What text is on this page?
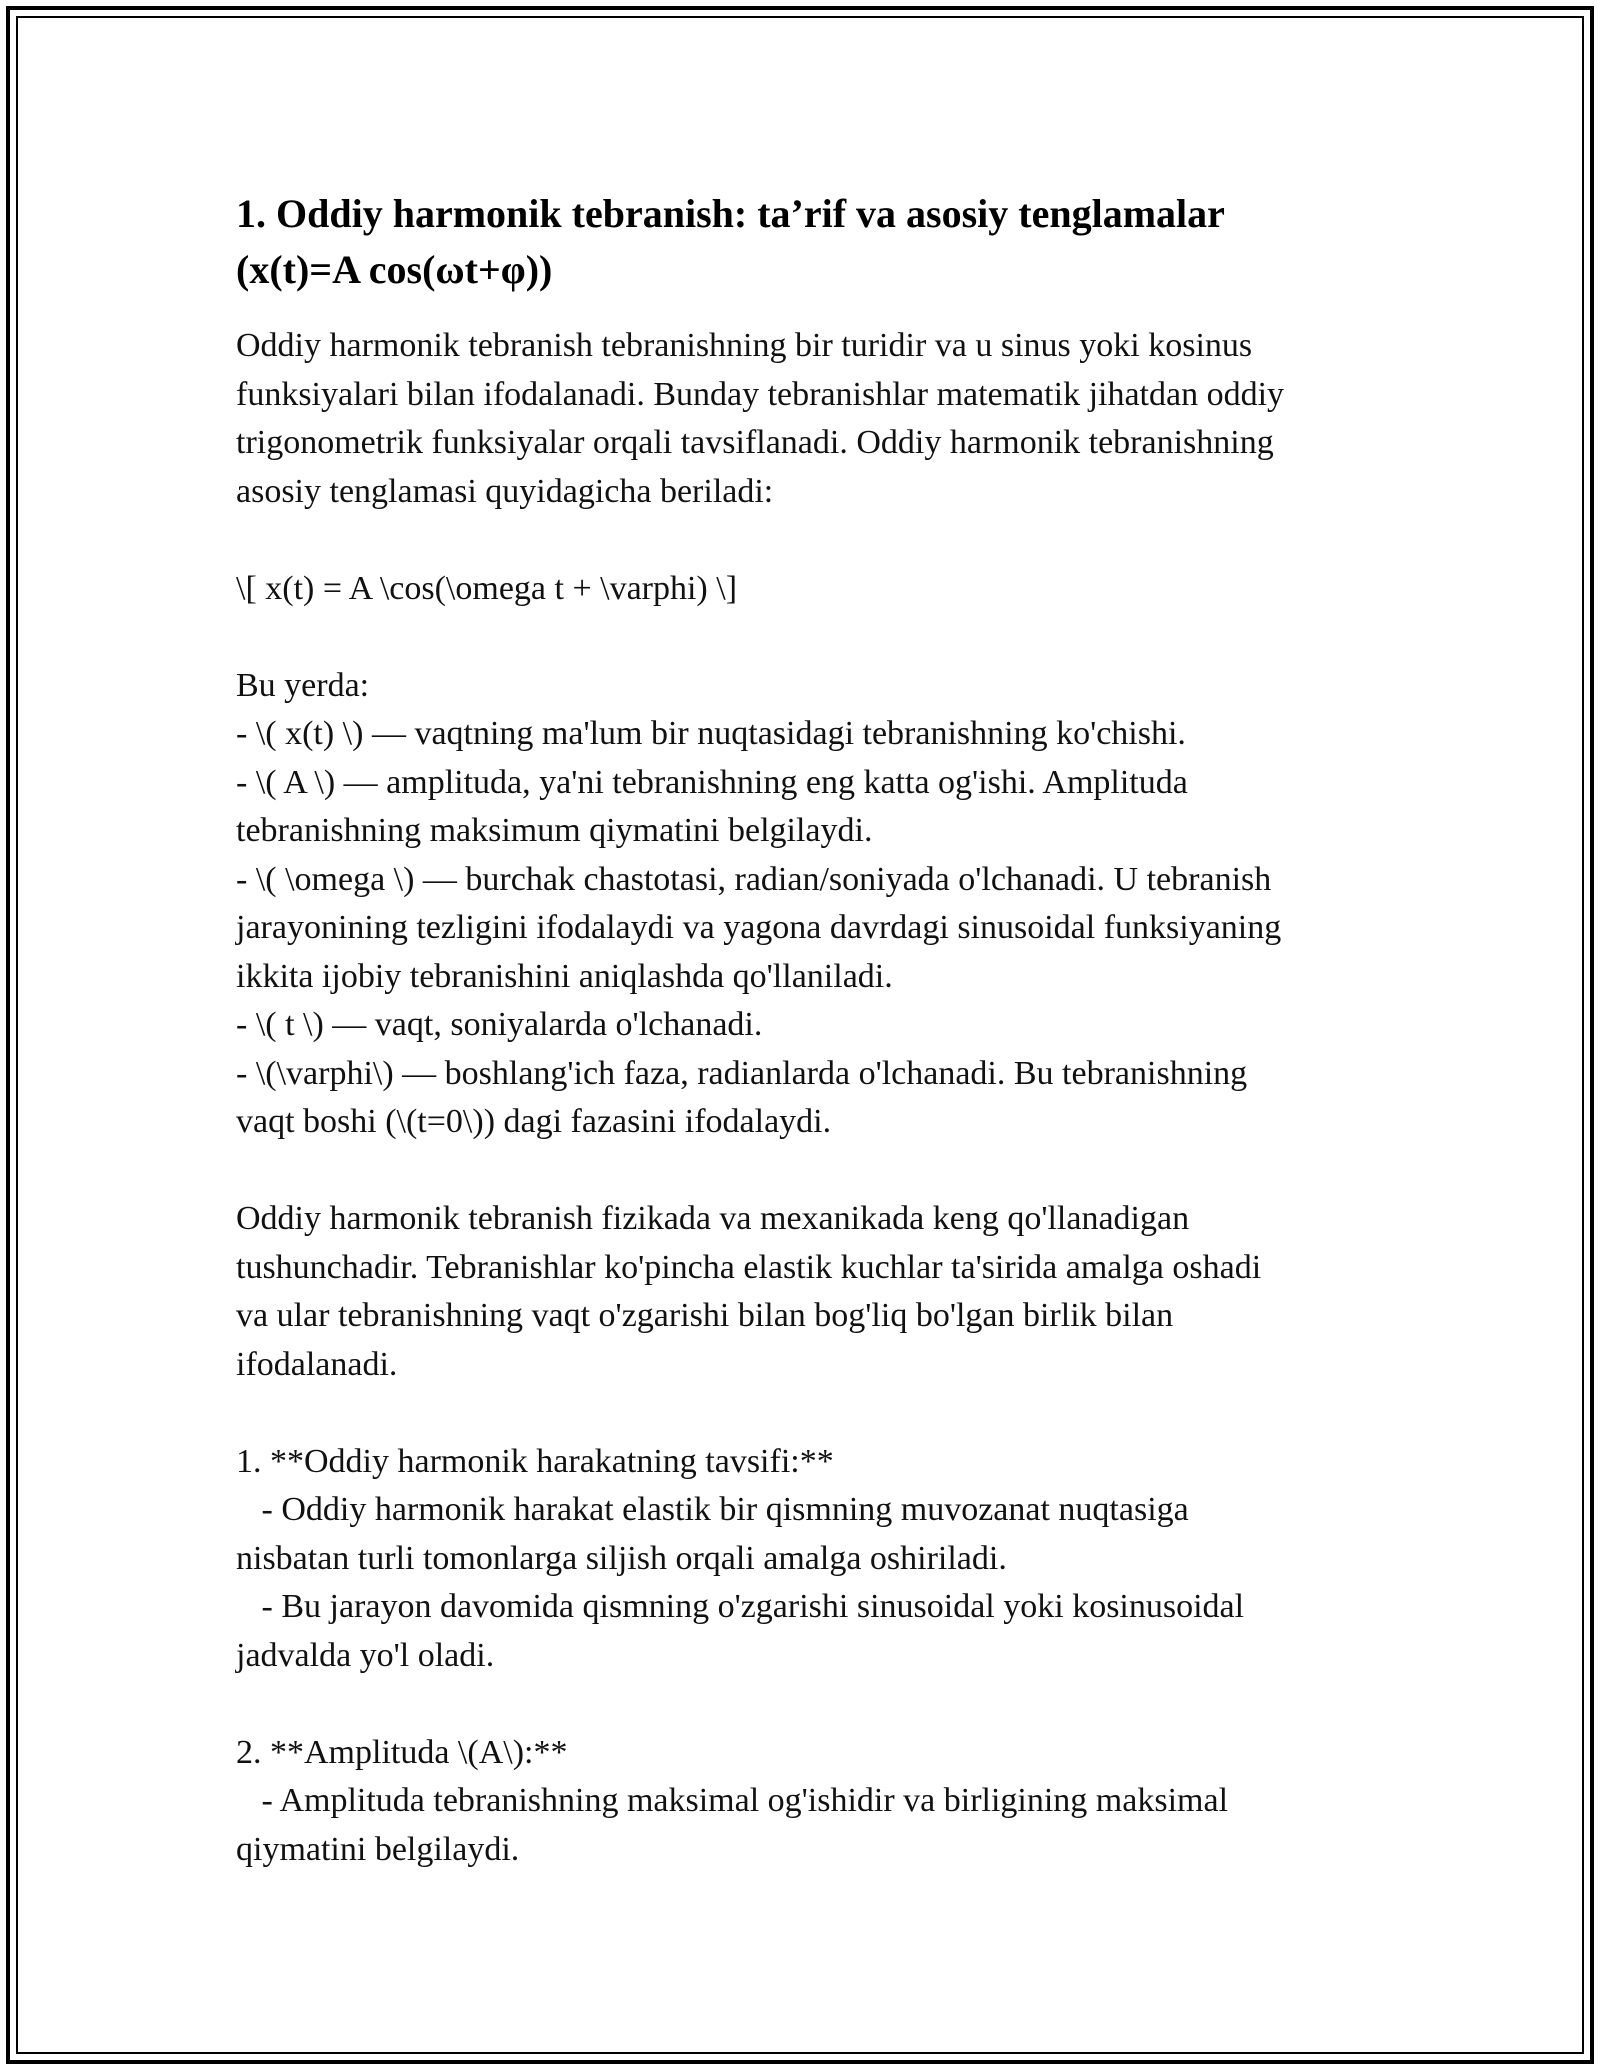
1. Oddiy harmonik tebranish: ta’rif va asosiy tenglamalar
(x(t)=A cos(ωt+φ))
Oddiy harmonik tebranish tebranishning bir turidir va u sinus yoki kosinus
funksiyalari bilan ifodalanadi. Bunday tebranishlar matematik jihatdan oddiy
trigonometrik funksiyalar orqali tavsiflanadi. Oddiy harmonik tebranishning
asosiy tenglamasi quyidagicha beriladi:
\[ x(t) = A \cos(\omega t + \varphi) \]
Bu yerda:
- \( x(t) \) — vaqtning ma'lum bir nuqtasidagi tebranishning ko'chishi.
- \( A \) — amplituda, ya'ni tebranishning eng katta og'ishi. Amplituda
tebranishning maksimum qiymatini belgilaydi.
- \( \omega \) — burchak chastotasi, radian/soniyada o'lchanadi. U tebranish
jarayonining tezligini ifodalaydi va yagona davrdagi sinusoidal funksiyaning
ikkita ijobiy tebranishini aniqlashda qo'llaniladi.
- \( t \) — vaqt, soniyalarda o'lchanadi.
- \(\varphi\) — boshlang'ich faza, radianlarda o'lchanadi. Bu tebranishning
vaqt boshi (\(t=0\)) dagi fazasini ifodalaydi.
Oddiy harmonik tebranish fizikada va mexanikada keng qo'llanadigan
tushunchadir. Tebranishlar ko'pincha elastik kuchlar ta'sirida amalga oshadi
va ular tebranishning vaqt o'zgarishi bilan bog'liq bo'lgan birlik bilan
ifodalanadi.
1. **Oddiy harmonik harakatning tavsifi:**
- Oddiy harmonik harakat elastik bir qismning muvozanat nuqtasiga
nisbatan turli tomonlarga siljish orqali amalga oshiriladi.
- Bu jarayon davomida qismning o'zgarishi sinusoidal yoki kosinusoidal
jadvalda yo'l oladi.
2. **Amplituda \(A\):**
- Amplituda tebranishning maksimal og'ishidir va birligining maksimal
qiymatini belgilaydi.
